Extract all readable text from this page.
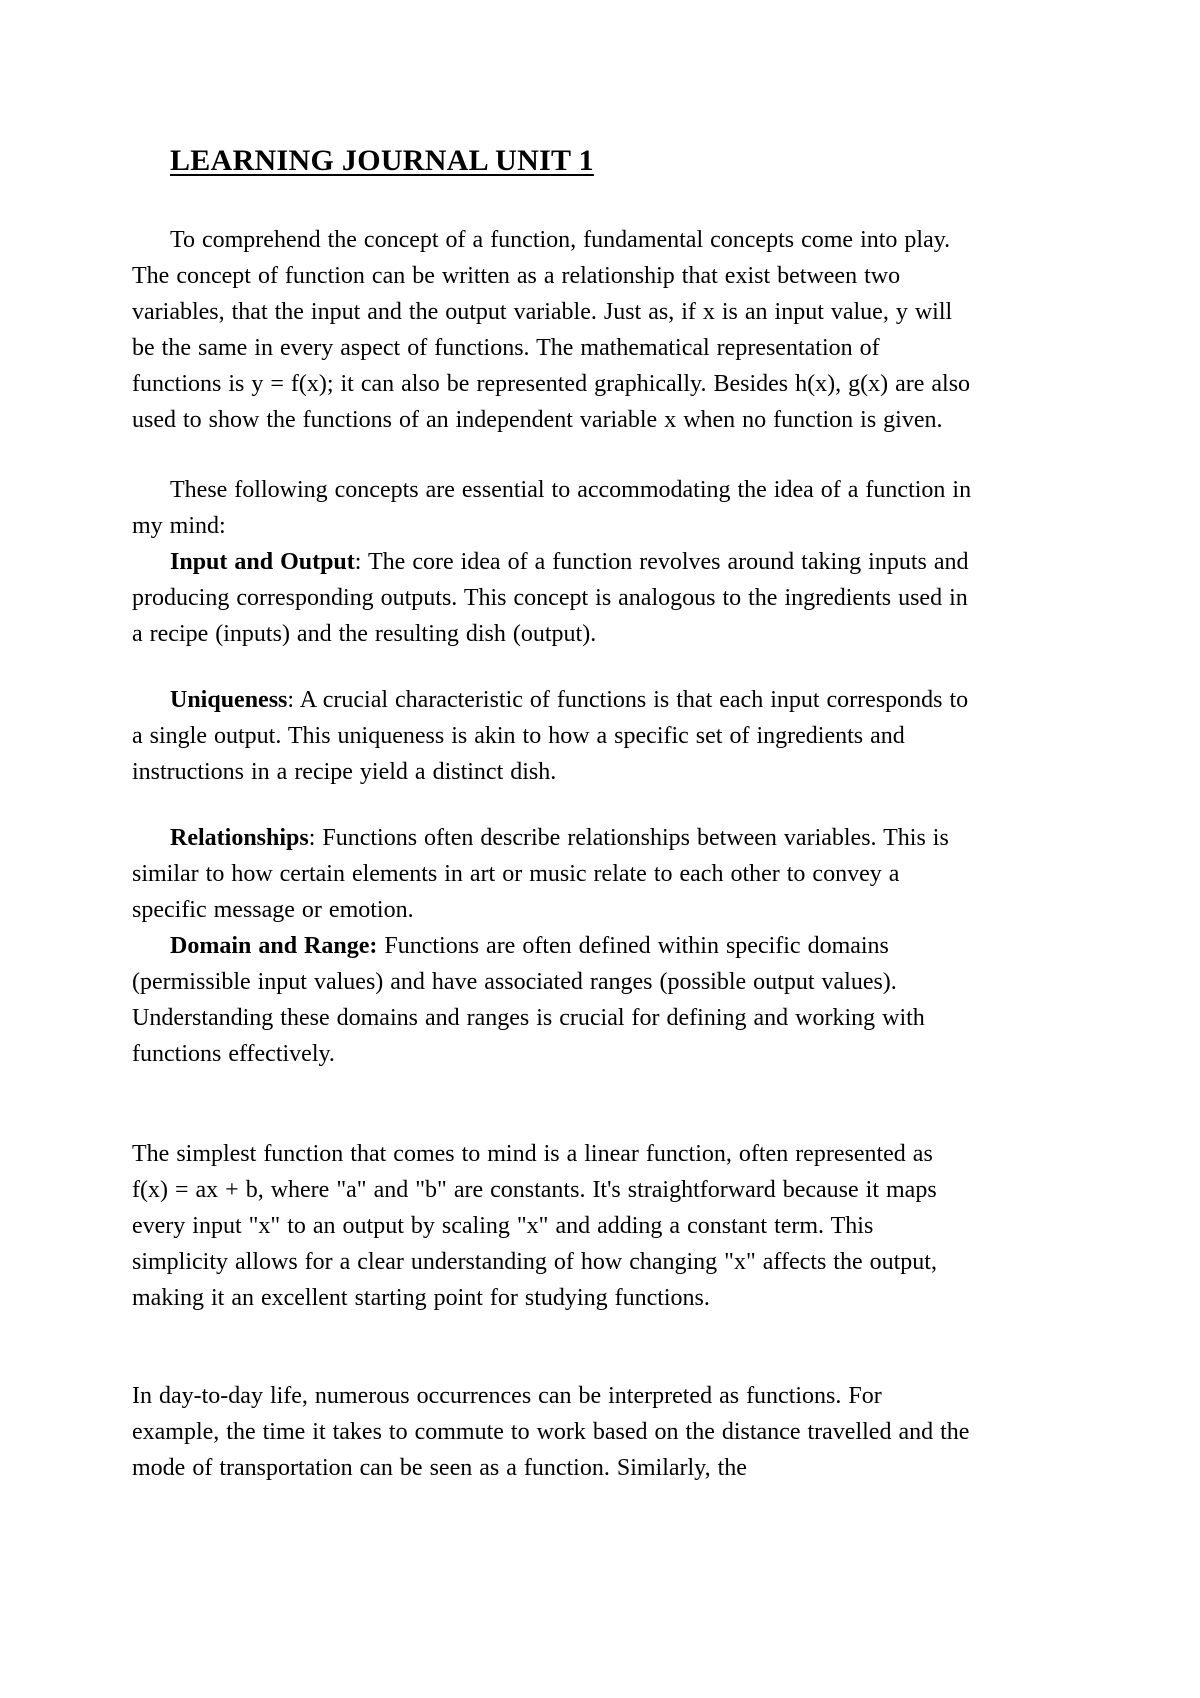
LEARNING JOURNAL UNIT 1

To comprehend the concept of a function, fundamental concepts come into play. The concept of function can be written as a relationship that exist between two variables, that the input and the output variable. Just as, if x is an input value, y will be the same in every aspect of functions. The mathematical representation of functions is y = f(x); it can also be represented graphically. Besides h(x), g(x) are also used to show the functions of an independent variable x when no function is given.

These following concepts are essential to accommodating the idea of a function in my mind:

Input and Output: The core idea of a function revolves around taking inputs and producing corresponding outputs. This concept is analogous to the ingredients used in a recipe (inputs) and the resulting dish (output).

Uniqueness: A crucial characteristic of functions is that each input corresponds to a single output. This uniqueness is akin to how a specific set of ingredients and instructions in a recipe yield a distinct dish.

Relationships: Functions often describe relationships between variables. This is similar to how certain elements in art or music relate to each other to convey a specific message or emotion.

Domain and Range: Functions are often defined within specific domains (permissible input values) and have associated ranges (possible output values). Understanding these domains and ranges is crucial for defining and working with functions effectively.

The simplest function that comes to mind is a linear function, often represented as f(x) = ax + b, where "a" and "b" are constants. It's straightforward because it maps every input "x" to an output by scaling "x" and adding a constant term. This simplicity allows for a clear understanding of how changing "x" affects the output, making it an excellent starting point for studying functions.

In day-to-day life, numerous occurrences can be interpreted as functions. For example, the time it takes to commute to work based on the distance travelled and the mode of transportation can be seen as a function. Similarly, the
